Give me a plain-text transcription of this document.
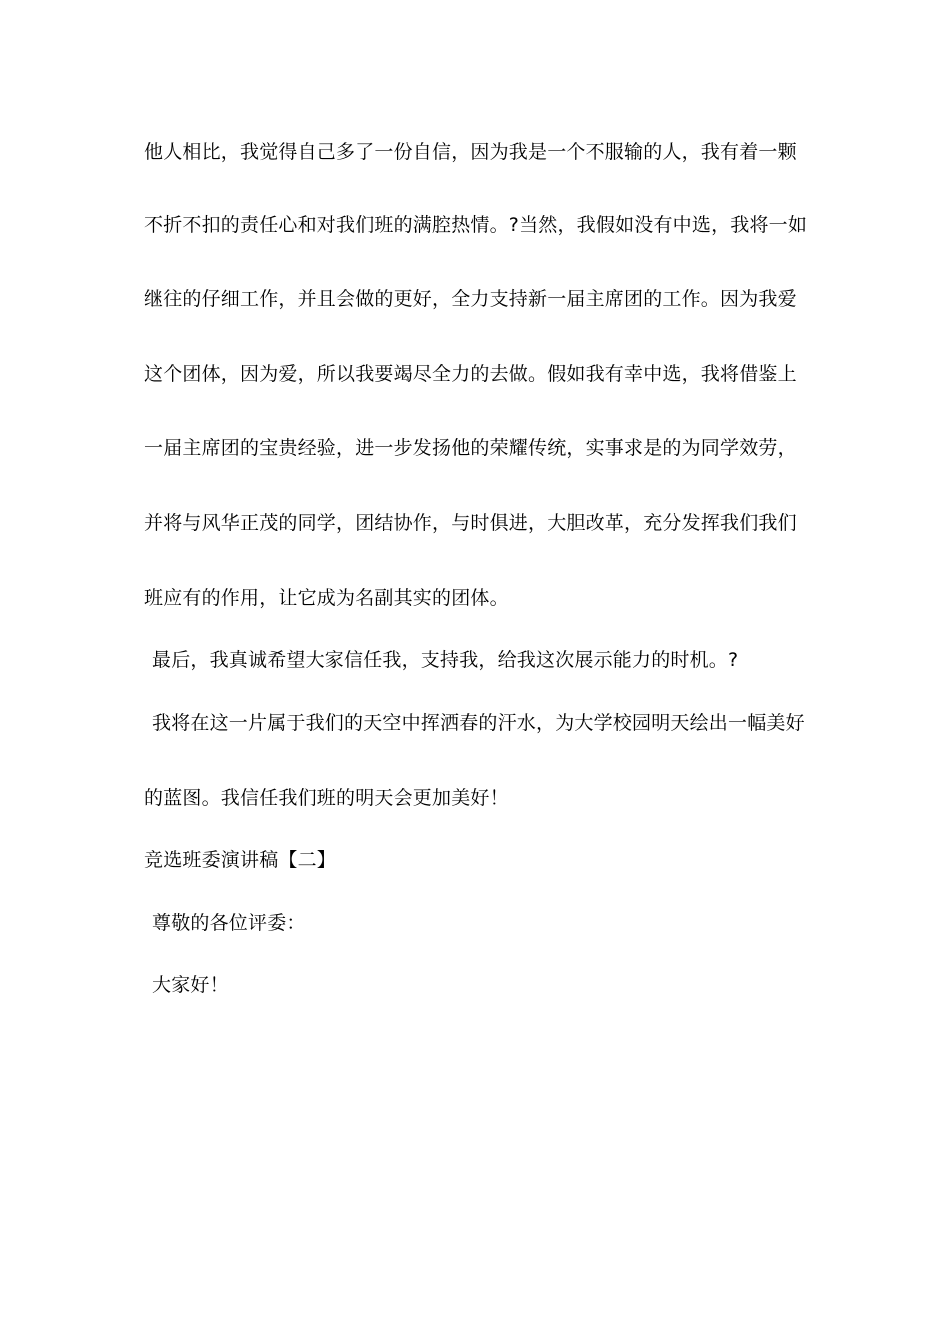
他人相比，我觉得自己多了一份自信，因为我是一个不服输的人，我有着一颗
不折不扣的责任心和对我们班的满腔热情。?当然，我假如没有中选，我将一如
继往的仔细工作，并且会做的更好，全力支持新一届主席团的工作。因为我爱
这个团体，因为爱，所以我要竭尽全力的去做。假如我有幸中选，我将借鉴上
一届主席团的宝贵经验，进一步发扬他的荣耀传统，实事求是的为同学效劳，
并将与风华正茂的同学，团结协作，与时俱进，大胆改革，充分发挥我们我们
班应有的作用，让它成为名副其实的团体。
最后，我真诚希望大家信任我，支持我，给我这次展示能力的时机。?
我将在这一片属于我们的天空中挥洒春的汗水，为大学校园明天绘出一幅美好
的蓝图。我信任我们班的明天会更加美好！
竞选班委演讲稿【二】
尊敬的各位评委：
大家好！
